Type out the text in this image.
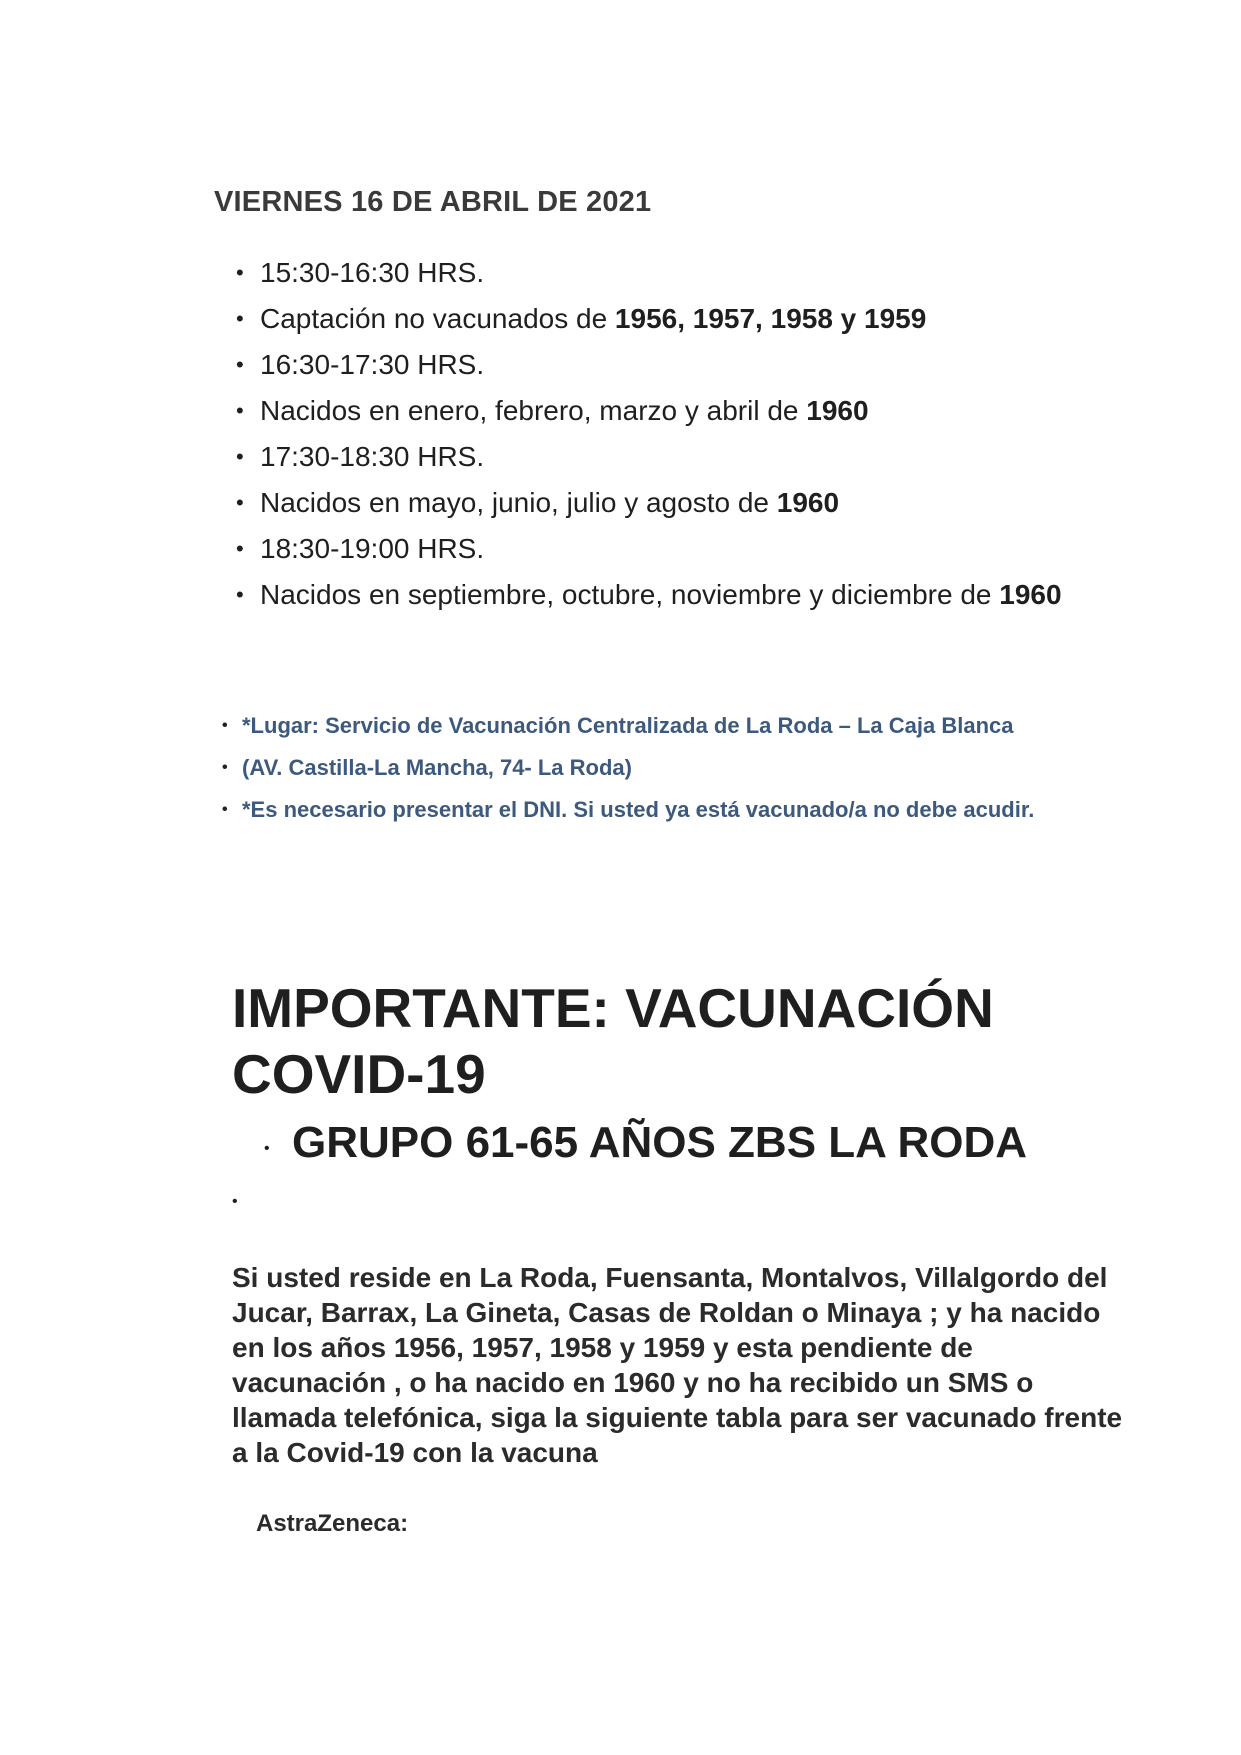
VIERNES 16 DE ABRIL DE 2021
• 15:30-16:30 HRS.
• Captación no vacunados de 1956, 1957, 1958 y 1959
• 16:30-17:30 HRS.
• Nacidos en enero, febrero, marzo y abril de 1960
• 17:30-18:30 HRS.
• Nacidos en mayo, junio, julio y agosto de 1960
• 18:30-19:00 HRS.
• Nacidos en septiembre, octubre, noviembre y diciembre de 1960
• *Lugar: Servicio de Vacunación Centralizada de La Roda – La Caja Blanca
• (AV. Castilla-La Mancha, 74- La Roda)
• *Es necesario presentar el DNI. Si usted ya está vacunado/a no debe acudir.
IMPORTANTE: VACUNACIÓN COVID-19
• GRUPO 61-65 AÑOS ZBS LA RODA
•

Si usted reside en La Roda, Fuensanta, Montalvos, Villalgordo del Jucar, Barrax, La Gineta, Casas de Roldan o Minaya ; y ha nacido en los años 1956, 1957, 1958 y 1959 y esta pendiente de vacunación , o ha nacido en 1960 y no ha recibido un SMS o llamada telefónica, siga la siguiente tabla para ser vacunado frente a la Covid-19 con la vacuna

AstraZeneca:
